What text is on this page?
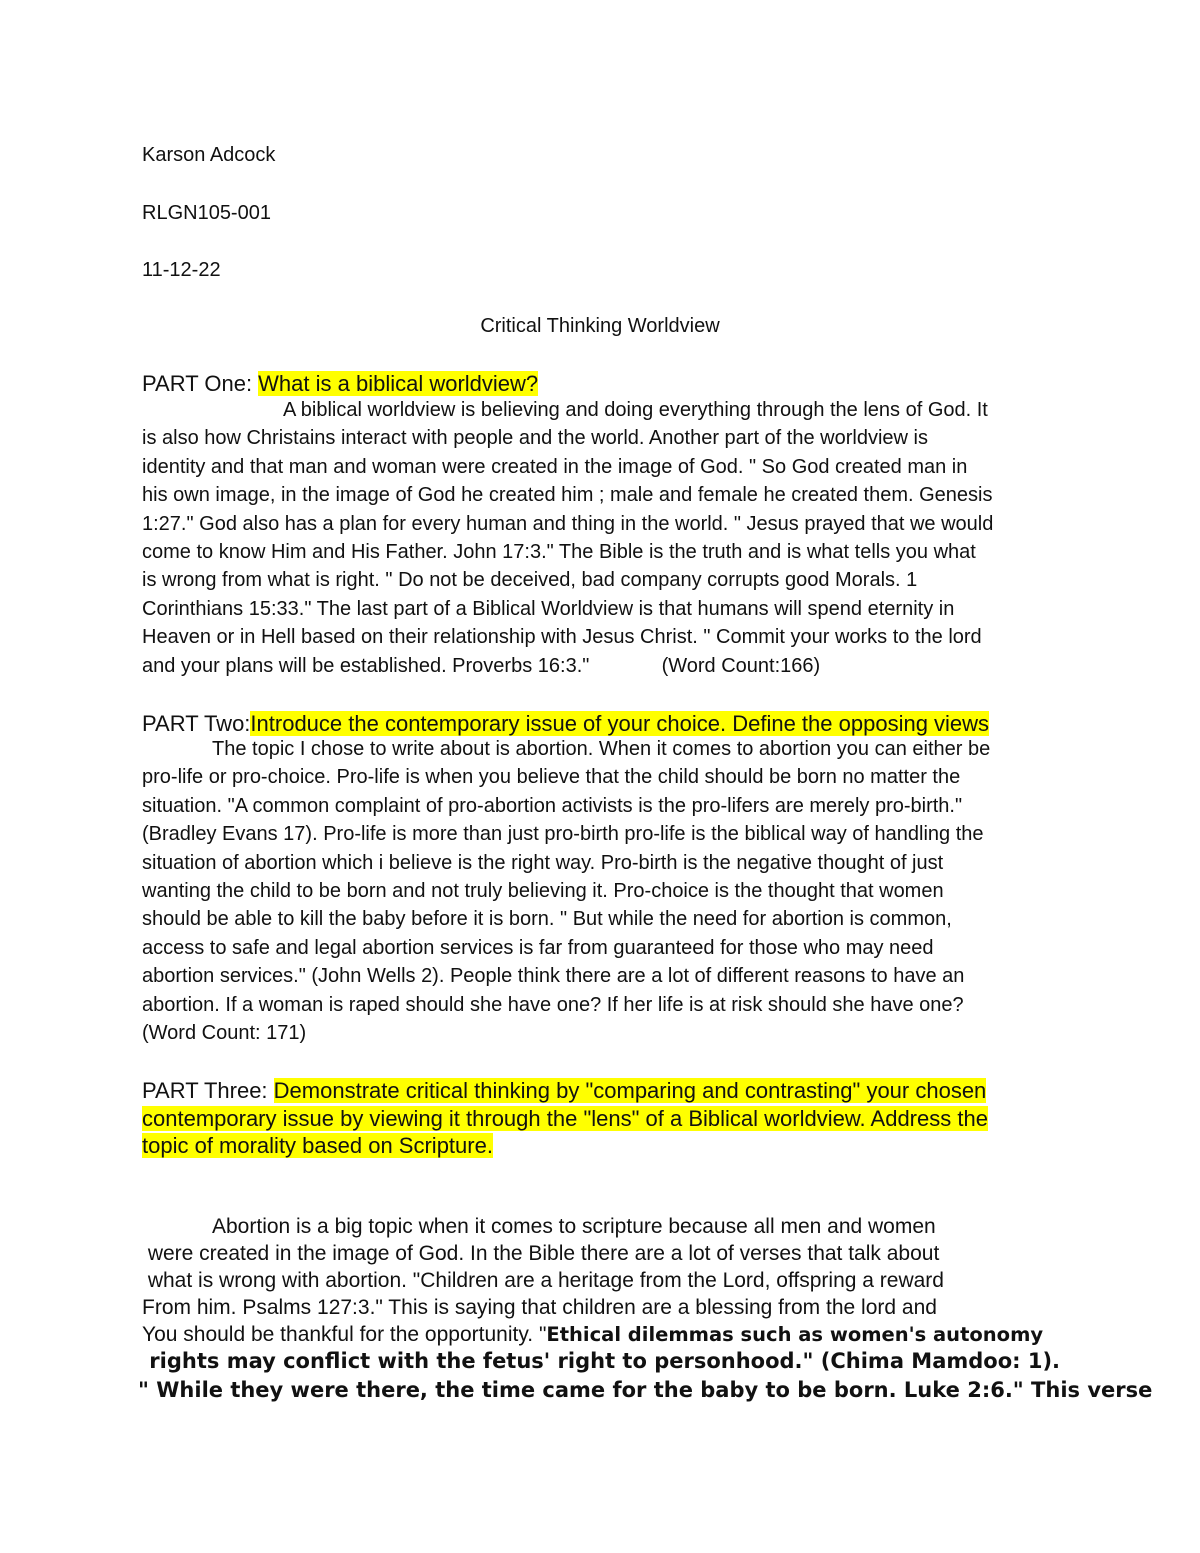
Karson Adcock
RLGN105-001
11-12-22
Critical Thinking Worldview
PART One: What is a biblical worldview?
A biblical worldview is believing and doing everything through the lens of God. It
is also how Christains interact with people and the world. Another part of the worldview is
identity and that man and woman were created in the image of God. " So God created man in
his own image, in the image of God he created him ; male and female he created them. Genesis
1:27." God also has a plan for every human and thing in the world. " Jesus prayed that we would
come to know Him and His Father. John 17:3." The Bible is the truth and is what tells you what
is wrong from what is right. " Do not be deceived, bad company corrupts good Morals. 1
Corinthians 15:33." The last part of a Biblical Worldview is that humans will spend eternity in
Heaven or in Hell based on their relationship with Jesus Christ. " Commit your works to the lord
and your plans will be established. Proverbs 16:3."             (Word Count:166)
PART Two:Introduce the contemporary issue of your choice. Define the opposing views
The topic I chose to write about is abortion. When it comes to abortion you can either be
pro-life or pro-choice. Pro-life is when you believe that the child should be born no matter the
situation. "A common complaint of pro-abortion activists is the pro-lifers are merely pro-birth."
(Bradley Evans 17). Pro-life is more than just pro-birth pro-life is the biblical way of handling the
situation of abortion which i believe is the right way. Pro-birth is the negative thought of just
wanting the child to be born and not truly believing it. Pro-choice is the thought that women
should be able to kill the baby before it is born. " But while the need for abortion is common,
access to safe and legal abortion services is far from guaranteed for those who may need
abortion services." (John Wells 2). People think there are a lot of different reasons to have an
abortion. If a woman is raped should she have one? If her life is at risk should she have one?
(Word Count: 171)
PART Three: Demonstrate critical thinking by "comparing and contrasting" your chosen
contemporary issue by viewing it through the "lens" of a Biblical worldview. Address the
topic of morality based on Scripture.
Abortion is a big topic when it comes to scripture because all men and women
were created in the image of God. In the Bible there are a lot of verses that talk about
what is wrong with abortion. "Children are a heritage from the Lord, offspring a reward
From him. Psalms 127:3." This is saying that children are a blessing from the lord and
You should be thankful for the opportunity. "Ethical dilemmas such as women's autonomy
rights may conflict with the fetus' right to personhood." (Chima Mamdoo: 1).
" While they were there, the time came for the baby to be born. Luke 2:6." This verse
